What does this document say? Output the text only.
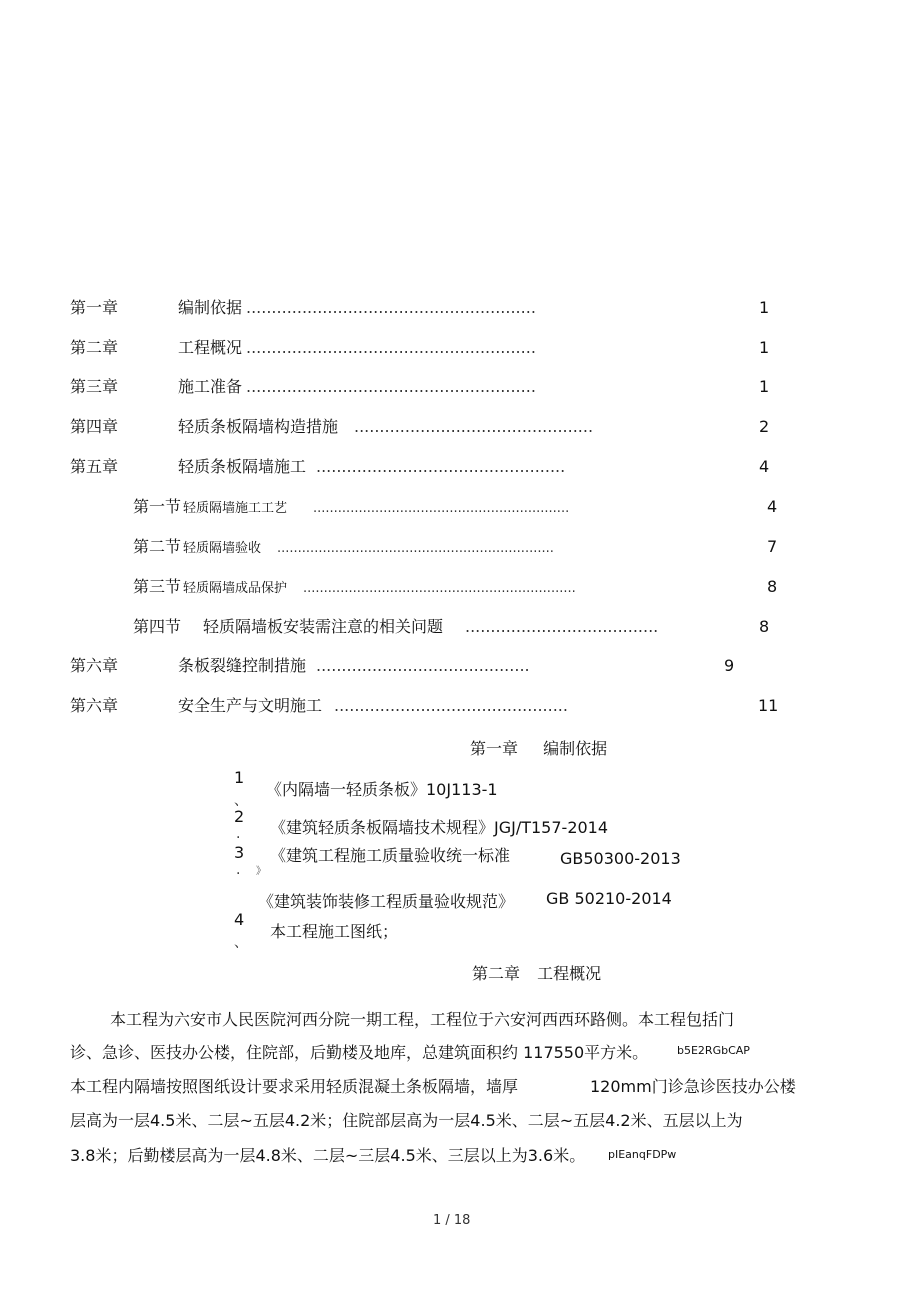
第一章	编制依据 .........................................................	1
第二章	工程概况 .........................................................	1
第三章	施工准备 .........................................................	1
第四章	轻质条板隔墙构造措施 ...............................................	2
第五章	轻质条板隔墙施工 .................................................	4
第一节 轻质隔墙施工工艺 ..............................................................	4
第二节 轻质隔墙验收 ...................................................................	7
第三节 轻质隔墙成品保护 ..................................................................	8
第四节 轻质隔墙板安装需注意的相关问题 ......................................	8
第六章	条板裂缝控制措施 ..........................................	9
第六章	安全生产与文明施工 ..............................................	11
第一章 编制依据
1
、
《内隔墙一轻质条板》10J113-1
2
. 《建筑轻质条板隔墙技术规程》JGJ/T157-2014
3
. 》
《建筑工程施工质量验收统一标准	GB50300-2013
《建筑装饰装修工程质量验收规范》 GB 50210-2014
4
、
本工程施工图纸；
第二章 工程概况
本工程为六安市人民医院河西分院一期工程，工程位于六安河西西环路侧。本工程包括门
诊、急诊、医技办公楼，住院部，后勤楼及地库，总建筑面积约 117550平方米。	b5E2RGbCAP
本工程内隔墙按照图纸设计要求采用轻质混凝土条板隔墙，墙厚	120mm门诊急诊医技办公楼
层高为一层4.5米、二层~五层4.2米；住院部层高为一层4.5米、二层~五层4.2米、五层以上为
3.8米；后勤楼层高为一层4.8米、二层~三层4.5米、三层以上为3.6米。 pIEanqFDPw
1 / 18
